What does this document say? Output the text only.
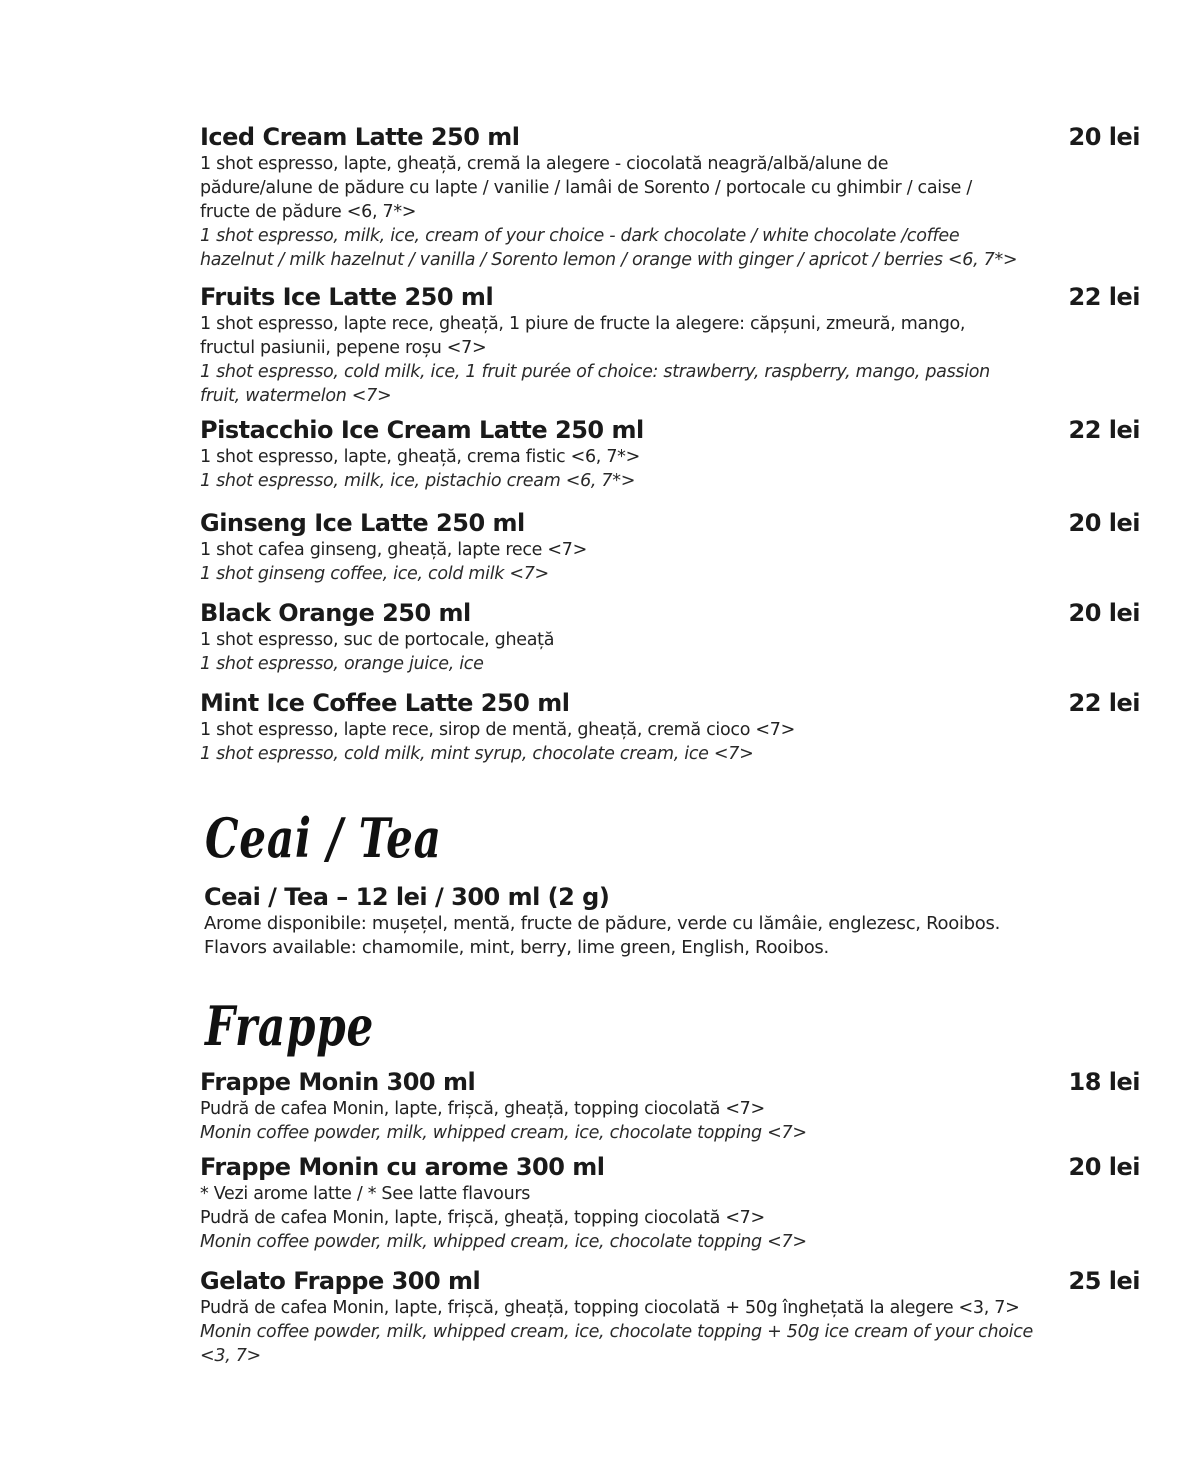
Iced Cream Latte 250 ml	20 lei
1 shot espresso, lapte, gheață, cremă la alegere - ciocolată neagră/albă/alune de
pădure/alune de pădure cu lapte / vanilie / lamâi de Sorento / portocale cu ghimbir / caise /
fructe de pădure <6, 7*>
1 shot espresso, milk, ice, cream of your choice - dark chocolate / white chocolate /coffee
hazelnut / milk hazelnut / vanilla / Sorento lemon / orange with ginger / apricot / berries <6, 7*>
Fruits Ice Latte 250 ml	22 lei
1 shot espresso, lapte rece, gheață, 1 piure de fructe la alegere: căpșuni, zmeură, mango,
fructul pasiunii, pepene roșu <7>
1 shot espresso, cold milk, ice, 1 fruit purée of choice: strawberry, raspberry, mango, passion
fruit, watermelon <7>
Pistacchio Ice Cream Latte 250 ml	22 lei
1 shot espresso, lapte, gheață, crema fistic <6, 7*>
1 shot espresso, milk, ice, pistachio cream <6, 7*>
Ginseng Ice Latte 250 ml	20 lei
1 shot cafea ginseng, gheață, lapte rece <7>
1 shot ginseng coffee, ice, cold milk <7>
Black Orange 250 ml	20 lei
1 shot espresso, suc de portocale, gheață
1 shot espresso, orange juice, ice
Mint Ice Coffee Latte 250 ml	22 lei
1 shot espresso, lapte rece, sirop de mentă, gheață, cremă cioco <7>
1 shot espresso, cold milk, mint syrup, chocolate cream, ice <7>
Ceai / Tea
Ceai / Tea – 12 lei / 300 ml (2 g)
Arome disponibile: mușețel, mentă, fructe de pădure, verde cu lămâie, englezesc, Rooibos.
Flavors available: chamomile, mint, berry, lime green, English, Rooibos.
Frappe
Frappe Monin 300 ml	18 lei
Pudră de cafea Monin, lapte, frișcă, gheață, topping ciocolată <7>
Monin coffee powder, milk, whipped cream, ice, chocolate topping <7>
Frappe Monin cu arome 300 ml	20 lei
* Vezi arome latte / * See latte flavours
Pudră de cafea Monin, lapte, frișcă, gheață, topping ciocolată <7>
Monin coffee powder, milk, whipped cream, ice, chocolate topping <7>
Gelato Frappe 300 ml	25 lei
Pudră de cafea Monin, lapte, frișcă, gheață, topping ciocolată + 50g înghețată la alegere <3, 7>
Monin coffee powder, milk, whipped cream, ice, chocolate topping + 50g ice cream of your choice
<3, 7>
